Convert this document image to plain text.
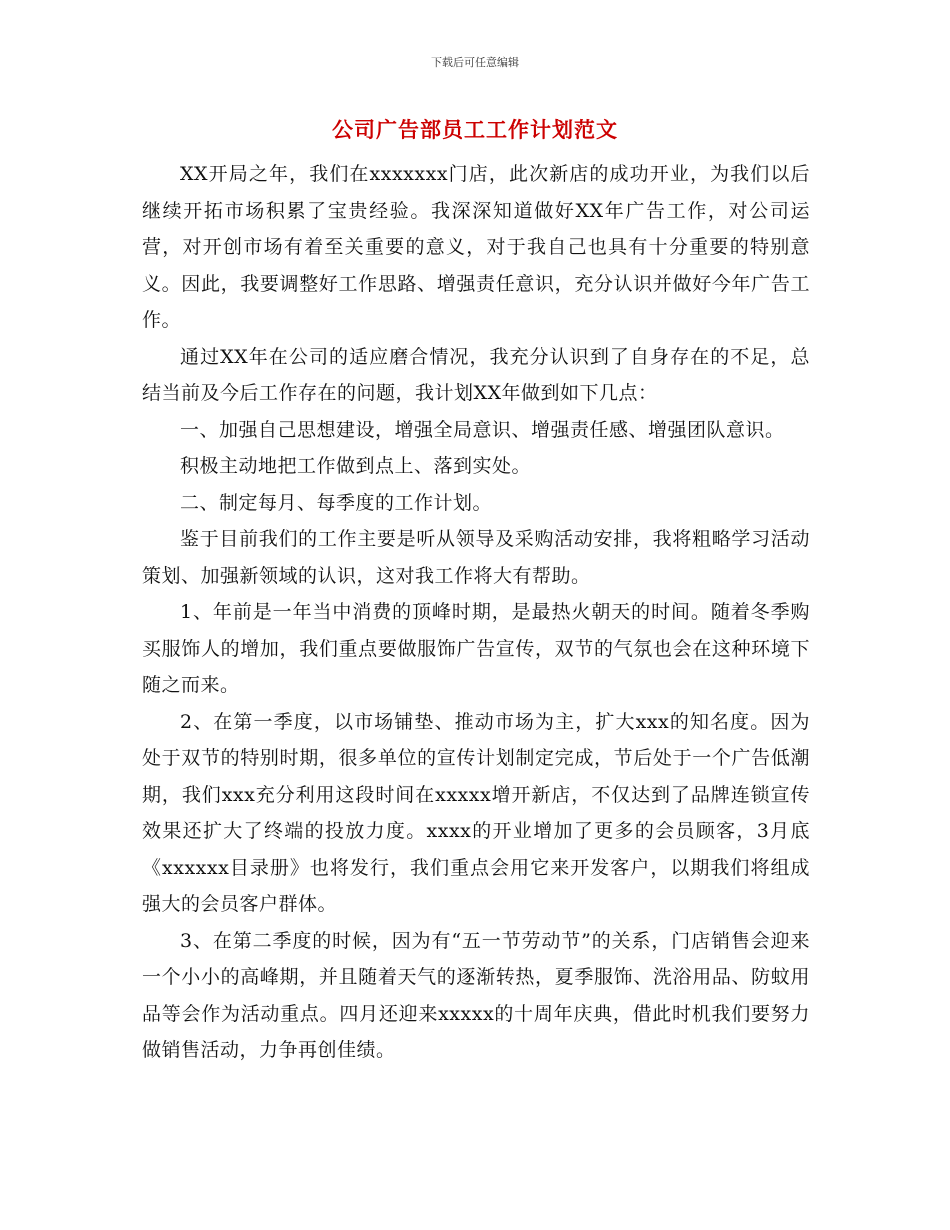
下载后可任意编辑
公司广告部员工工作计划范文

XX开局之年，我们在xxxxxxx门店，此次新店的成功开业，为我们以后继续开拓市场积累了宝贵经验。我深深知道做好XX年广告工作，对公司运营，对开创市场有着至关重要的意义，对于我自己也具有十分重要的特别意义。因此，我要调整好工作思路、增强责任意识，充分认识并做好今年广告工作。

通过XX年在公司的适应磨合情况，我充分认识到了自身存在的不足，总结当前及今后工作存在的问题，我计划XX年做到如下几点：

一、加强自己思想建设，增强全局意识、增强责任感、增强团队意识。

积极主动地把工作做到点上、落到实处。

二、制定每月、每季度的工作计划。

鉴于目前我们的工作主要是听从领导及采购活动安排，我将粗略学习活动策划、加强新领域的认识，这对我工作将大有帮助。

1、年前是一年当中消费的顶峰时期，是最热火朝天的时间。随着冬季购买服饰人的增加，我们重点要做服饰广告宣传，双节的气氛也会在这种环境下随之而来。

2、在第一季度，以市场铺垫、推动市场为主，扩大xxx的知名度。因为处于双节的特别时期，很多单位的宣传计划制定完成，节后处于一个广告低潮期，我们xxx充分利用这段时间在xxxxx增开新店，不仅达到了品牌连锁宣传效果还扩大了终端的投放力度。xxxx的开业增加了更多的会员顾客，3月底《xxxxxx目录册》也将发行，我们重点会用它来开发客户，以期我们将组成强大的会员客户群体。

3、在第二季度的时候，因为有“五一节劳动节”的关系，门店销售会迎来一个小小的高峰期，并且随着天气的逐渐转热，夏季服饰、洗浴用品、防蚊用品等会作为活动重点。四月还迎来xxxxx的十周年庆典，借此时机我们要努力做销售活动，力争再创佳绩。
